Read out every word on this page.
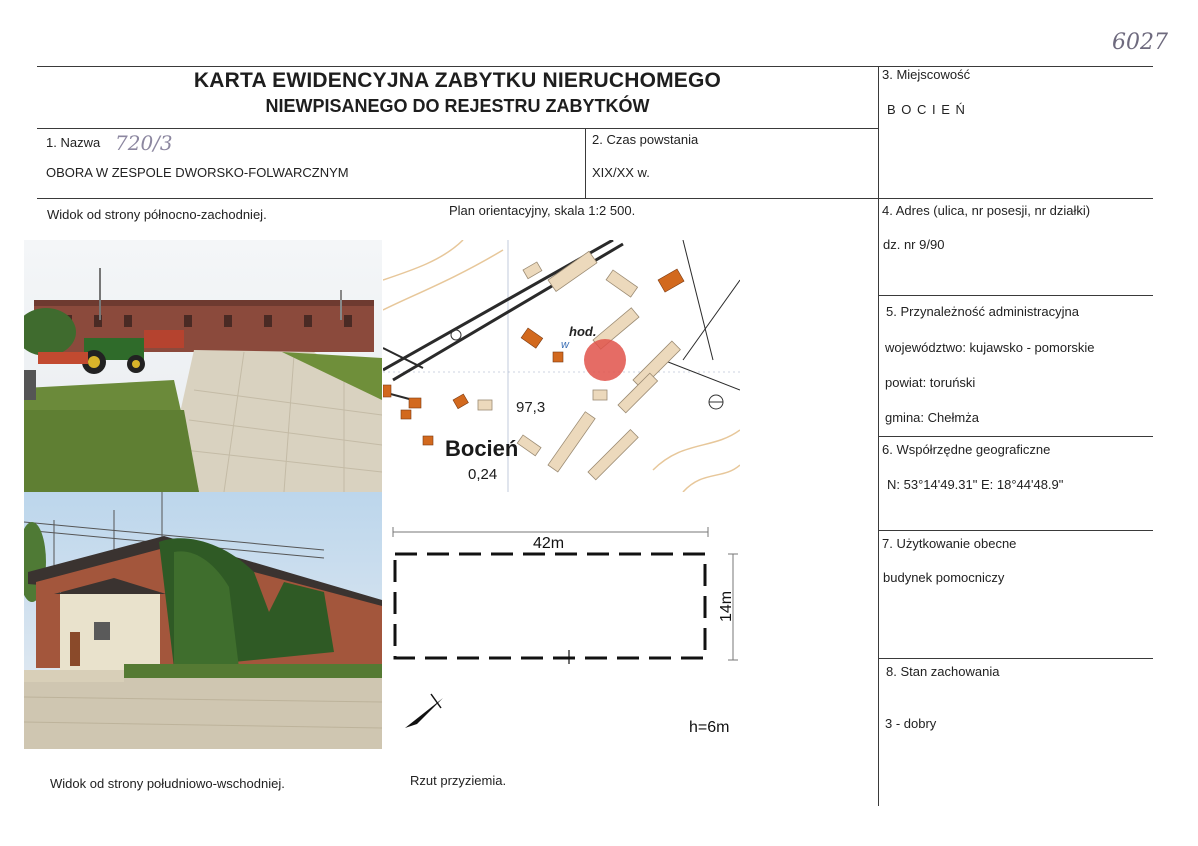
6027
KARTA EWIDENCYJNA ZABYTKU NIERUCHOMEGO
NIEWPISANEGO DO REJESTRU ZABYTKÓW
1. Nazwa 720/3
OBORA W ZESPOLE DWORSKO-FOLWARCZNYM
2. Czas powstania
XIX/XX w.
3. Miejscowość
B O C I E Ń
Widok od strony północno-zachodniej.	Plan orientacyjny, skala 1:2 500.	4. Adres (ulica, nr posesji, nr działki)
dz. nr 9/90
5. Przynależność administracyjna
województwo: kujawsko - pomorskie
powiat: toruński
gmina: Chełmża
6. Współrzędne geograficzne
N: 53°14'49.31" E: 18°44'48.9"
7. Użytkowanie obecne
budynek pomocniczy
8. Stan zachowania
3 - dobry
hod.
w
97,3
Bocień
0,24
42m
14m
h=6m
Widok od strony południowo-wschodniej.	Rzut przyziemia.
